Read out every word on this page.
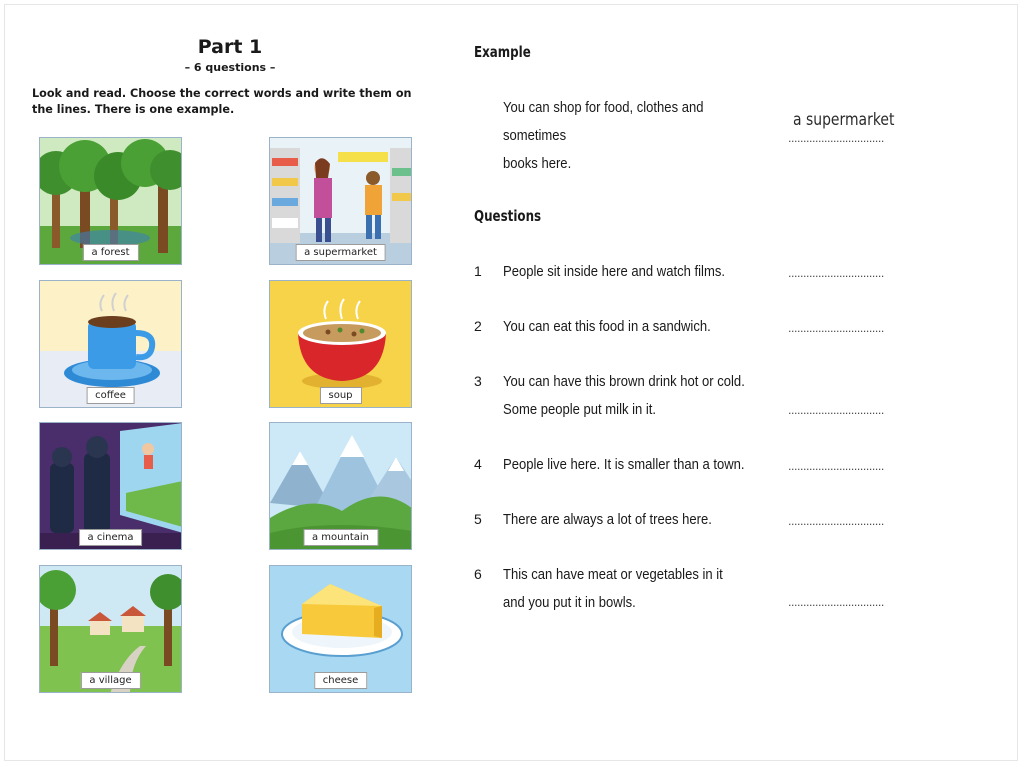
Part 1
– 6 questions –
Look and read. Choose the correct words and write them on the lines. There is one example.
a forest	a supermarket
coffee	soup
a cinema	a mountain
a village	cheese
Example
You can shop for food, clothes and sometimes
books here.
a supermarket
................................
Questions
1 People sit inside here and watch films.	................................
2 You can eat this food in a sandwich.	................................
3 You can have this brown drink hot or cold.
Some people put milk in it.	................................
4 People live here. It is smaller than a town.	................................
5 There are always a lot of trees here.	................................
6 This can have meat or vegetables in it
and you put it in bowls.	................................
